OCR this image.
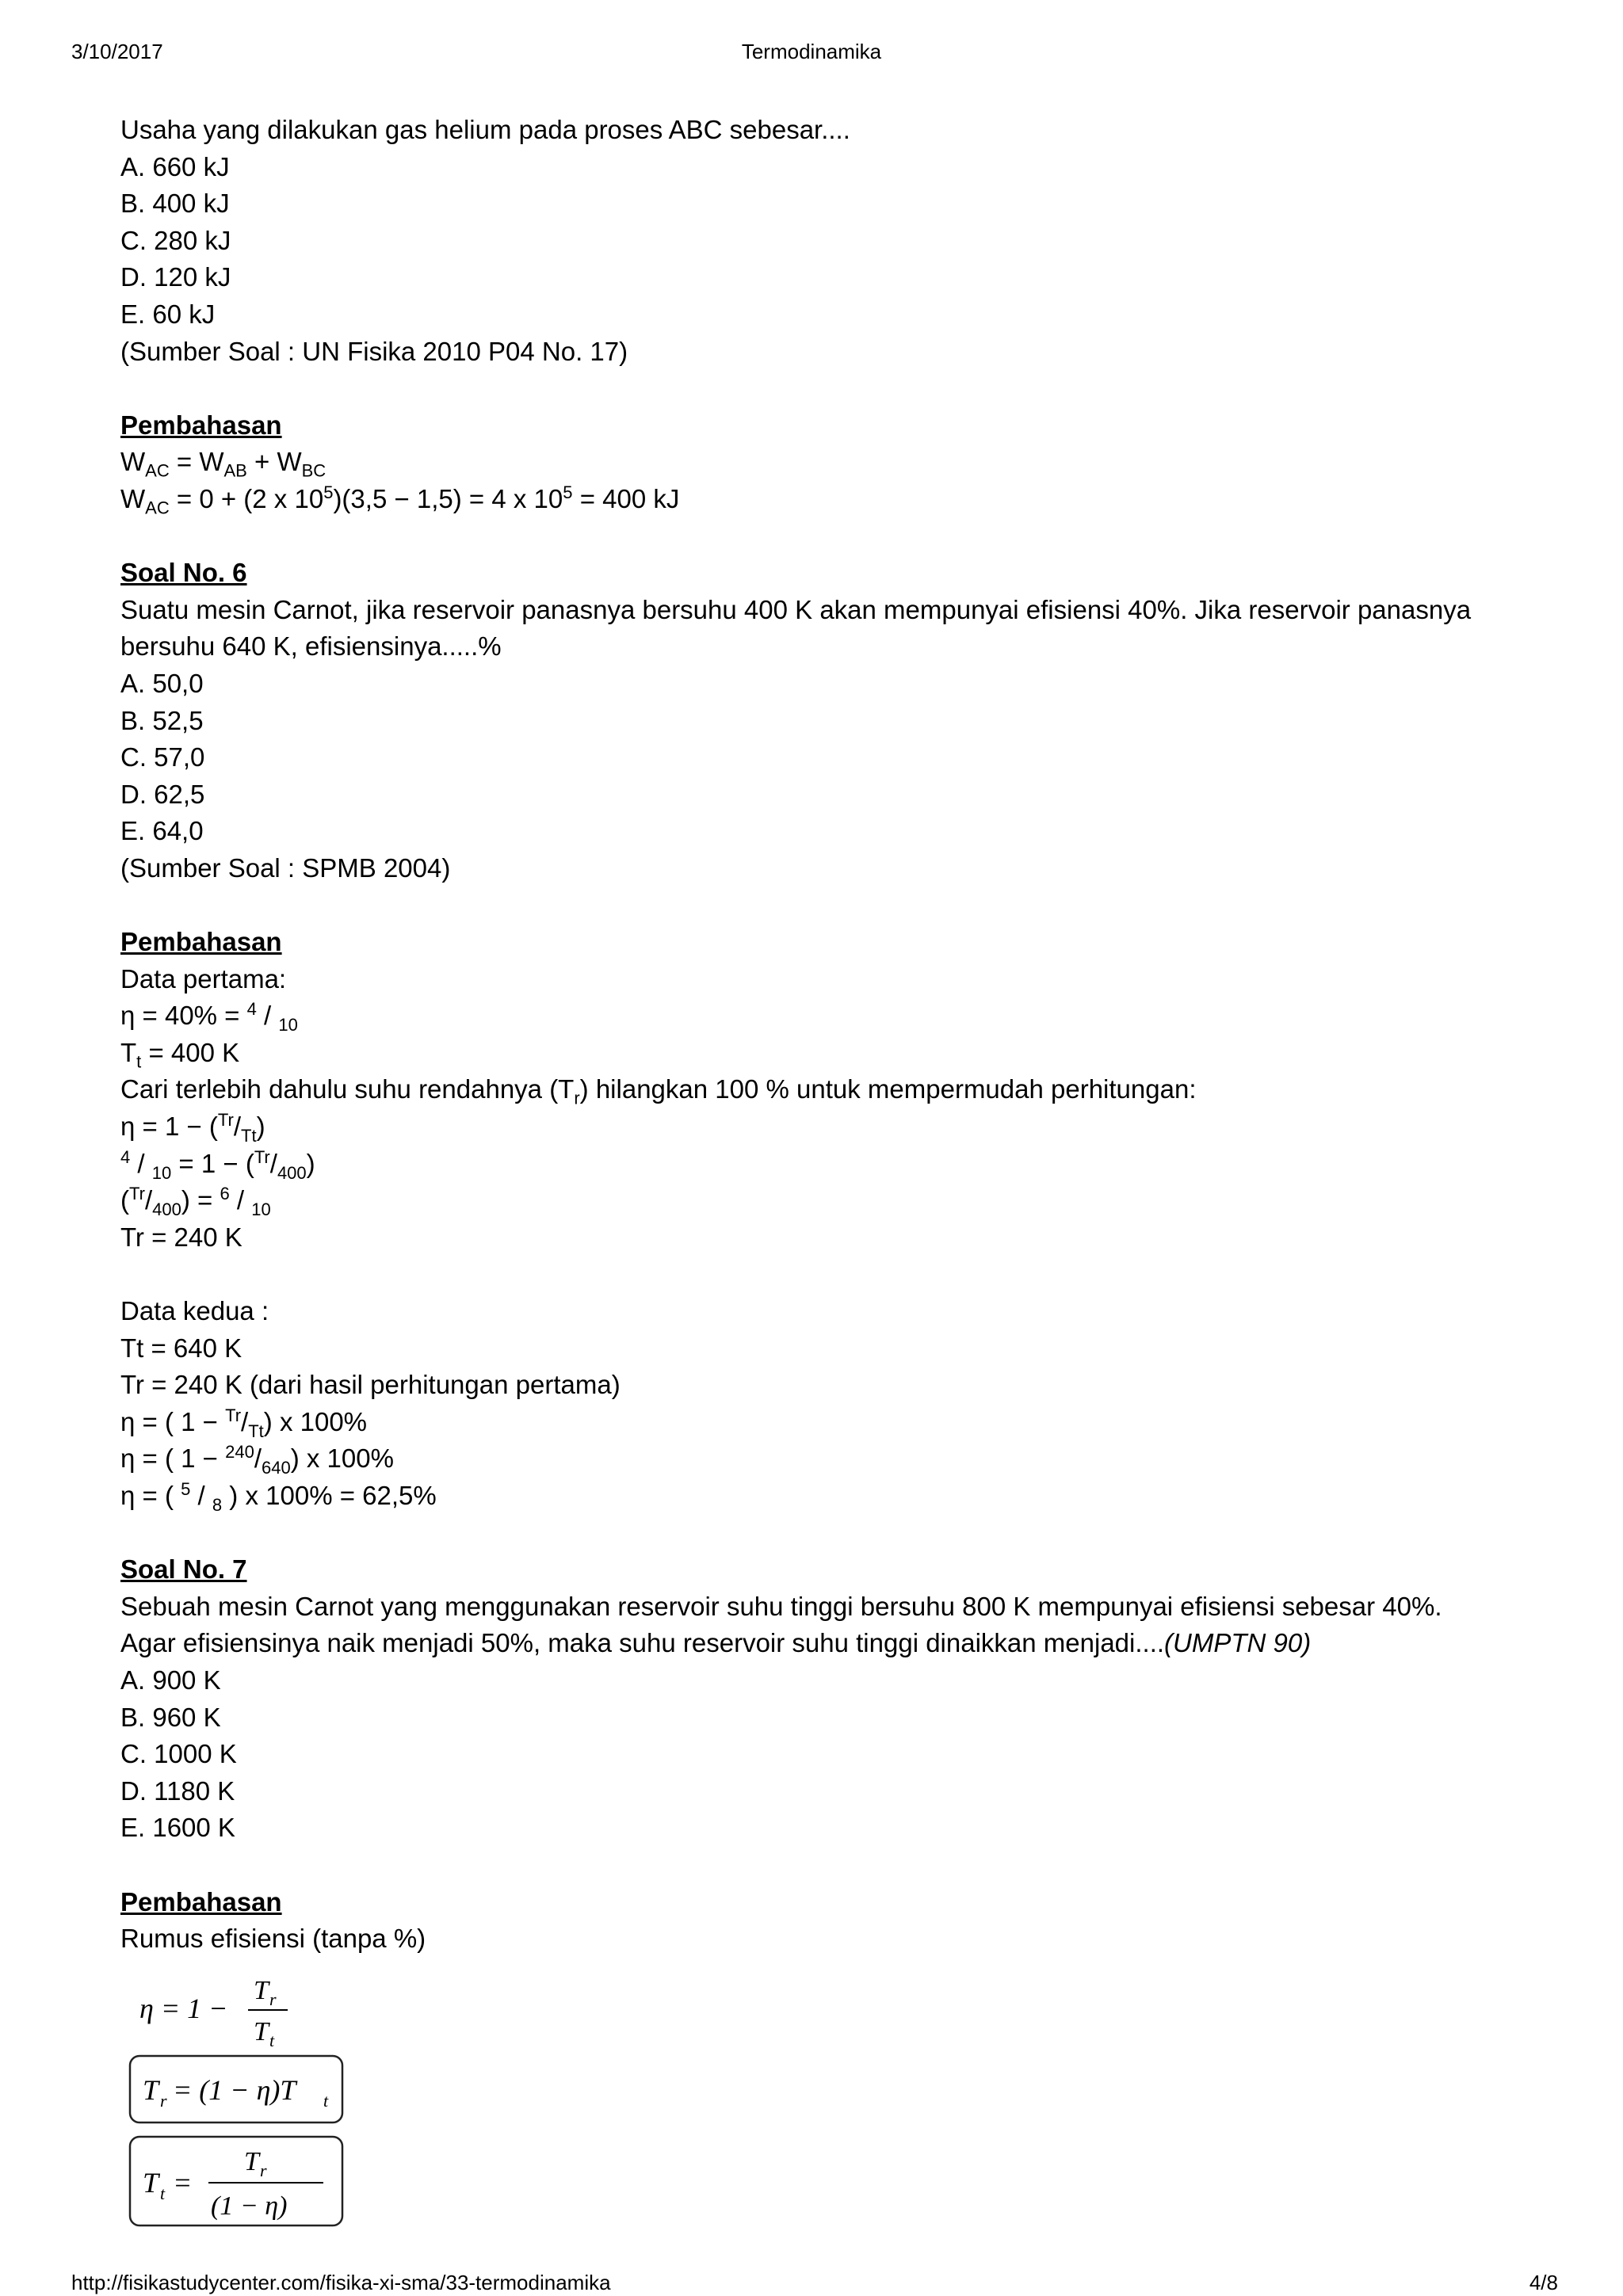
3/10/2017	Termodinamika
Usaha yang dilakukan gas helium pada proses ABC sebesar....
A. 660 kJ
B. 400 kJ
C. 280 kJ
D. 120 kJ
E. 60 kJ
(Sumber Soal : UN Fisika 2010 P04 No. 17)
Pembahasan
$W_{AC} = W_{AB} + W_{BC}$
$W_{AC} = 0 + (2$ x $10^5)(3,5 - 1,5) = 4$ x $10^5 = 400$ kJ
Soal No. 6
Suatu mesin Carnot, jika reservoir panasnya bersuhu 400 K akan mempunyai efisiensi 40%. Jika reservoir panasnya bersuhu 640 K, efisiensinya.....%
A. 50,0
B. 52,5
C. 57,0
D. 62,5
E. 64,0
(Sumber Soal : SPMB 2004)
Pembahasan
Data pertama:
η = 40% = $^4$ / $_{10}$
$T_t = 400$ K
Cari terlebih dahulu suhu rendahnya $(T_r)$ hilangkan 100 % untuk mempermudah perhitungan:
$\eta = 1 - (^{Tr}/_{Tt})$
$^4 / _{10} = 1 - (^{Tr}/_{400})$
$(^{Tr}/_{400}) = ^6 / _{10}$
Tr = 240 K
Data kedua :
Tt = 640 K
Tr = 240 K (dari hasil perhitungan pertama)
η = ( $1 - ^{Tr}/_{Tt}$) x 100%
η = ( $1 - ^{240}/_{640}$) x 100%
η = ( $^5$ / $_8$ ) x 100% = 62,5%
Soal No. 7
Sebuah mesin Carnot yang menggunakan reservoir suhu tinggi bersuhu 800 K mempunyai efisiensi sebesar 40%.
Agar efisiensinya naik menjadi 50%, maka suhu reservoir suhu tinggi dinaikkan menjadi....(UMPTN 90)
A. 900 K
B. 960 K
C. 1000 K
D. 1180 K
E. 1600 K
Pembahasan
Rumus efisiensi (tanpa %)
η = 1 −
T r
T t
T r = (1 − η)T t
T t =
T r
(1 − η)
http://fisikastudycenter.com/fisika-xi-sma/33-termodinamika	4/8
